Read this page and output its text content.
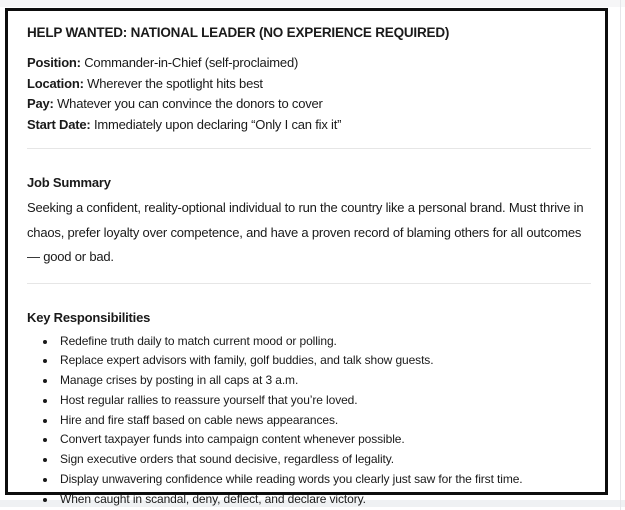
HELP WANTED: NATIONAL LEADER (NO EXPERIENCE REQUIRED)
Position: Commander-in-Chief (self-proclaimed)
Location: Wherever the spotlight hits best
Pay: Whatever you can convince the donors to cover
Start Date: Immediately upon declaring “Only I can fix it”
Job Summary

Seeking a confident, reality-optional individual to run the country like a personal brand. Must thrive in chaos, prefer loyalty over competence, and have a proven record of blaming others for all outcomes — good or bad.

Key Responsibilities
• Redefine truth daily to match current mood or polling.
• Replace expert advisors with family, golf buddies, and talk show guests.
• Manage crises by posting in all caps at 3 a.m.
• Host regular rallies to reassure yourself that you’re loved.
• Hire and fire staff based on cable news appearances.
• Convert taxpayer funds into campaign content whenever possible.
• Sign executive orders that sound decisive, regardless of legality.
• Display unwavering confidence while reading words you clearly just saw for the first time.
• When caught in scandal, deny, deflect, and declare victory.
